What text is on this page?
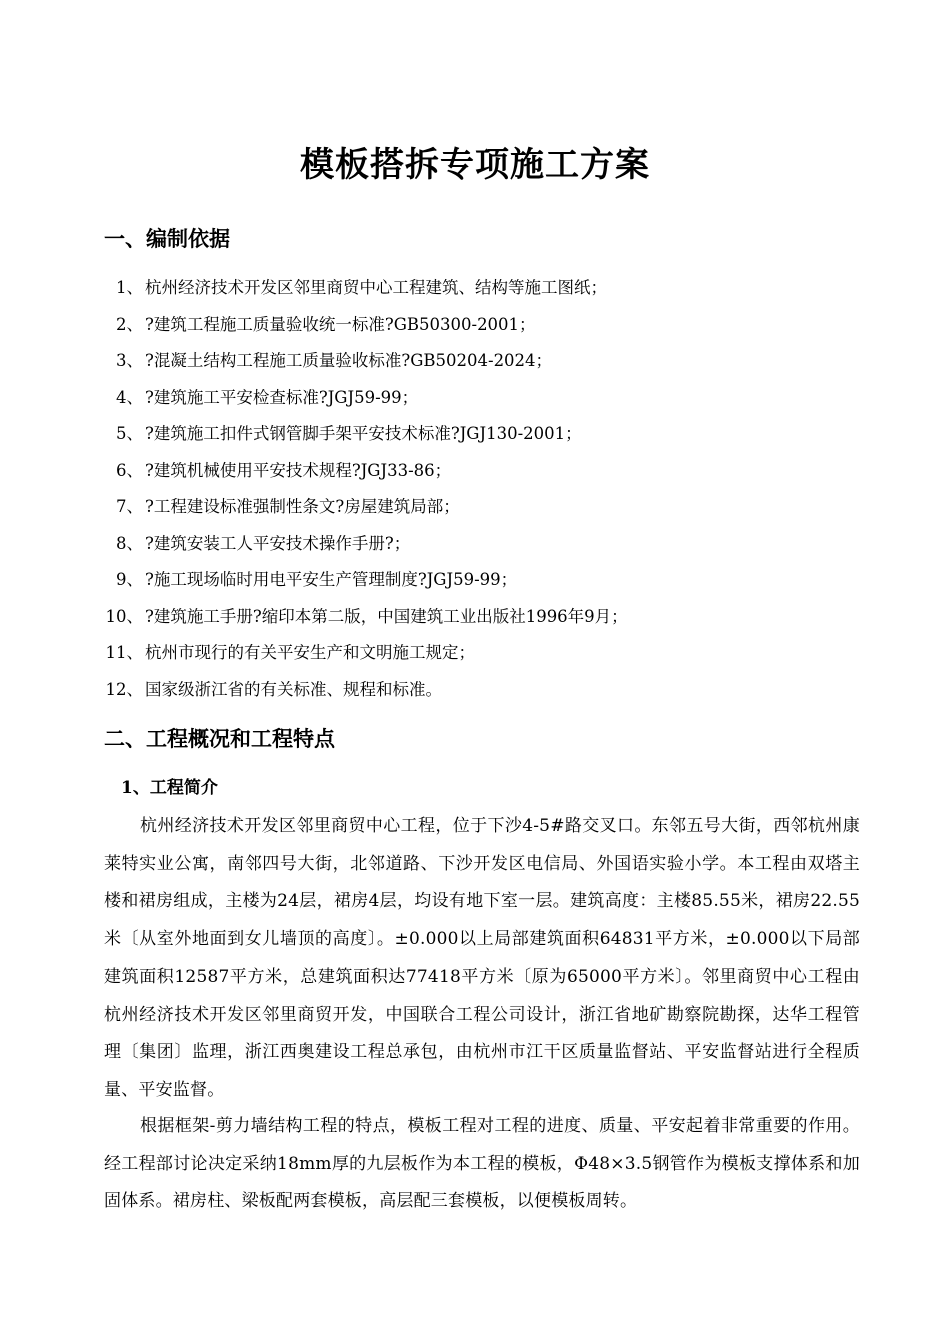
模板搭拆专项施工方案
一、编制依据
1、 杭州经济技术开发区邻里商贸中心工程建筑、结构等施工图纸；
2、 ?建筑工程施工质量验收统一标准?GB50300-2001；
3、 ?混凝土结构工程施工质量验收标准?GB50204-2024；
4、 ?建筑施工平安检查标准?JGJ59-99；
5、 ?建筑施工扣件式钢管脚手架平安技术标准?JGJ130-2001；
6、 ?建筑机械使用平安技术规程?JGJ33-86；
7、 ?工程建设标准强制性条文?房屋建筑局部；
8、 ?建筑安装工人平安技术操作手册?；
9、 ?施工现场临时用电平安生产管理制度?JGJ59-99；
10、 ?建筑施工手册?缩印本第二版，中国建筑工业出版社1996年9月；
11、 杭州市现行的有关平安生产和文明施工规定；
12、 国家级浙江省的有关标准、规程和标准。
二、工程概况和工程特点
1、工程简介

杭州经济技术开发区邻里商贸中心工程，位于下沙4-5#路交叉口。东邻五号大街，西邻杭州康莱特实业公寓，南邻四号大街，北邻道路、下沙开发区电信局、外国语实验小学。本工程由双塔主楼和裙房组成，主楼为24层，裙房4层，均设有地下室一层。建筑高度：主楼85.55米，裙房22.55米〔从室外地面到女儿墙顶的高度〕。±0.000以上局部建筑面积64831平方米，±0.000以下局部建筑面积12587平方米，总建筑面积达77418平方米〔原为65000平方米〕。邻里商贸中心工程由杭州经济技术开发区邻里商贸开发，中国联合工程公司设计，浙江省地矿勘察院勘探，达华工程管理〔集团〕监理，浙江西奥建设工程总承包，由杭州市江干区质量监督站、平安监督站进行全程质量、平安监督。

根据框架-剪力墙结构工程的特点，模板工程对工程的进度、质量、平安起着非常重要的作用。经工程部讨论决定采纳18mm厚的九层板作为本工程的模板，Φ48×3.5钢管作为模板支撑体系和加固体系。裙房柱、梁板配两套模板，高层配三套模板，以便模板周转。
